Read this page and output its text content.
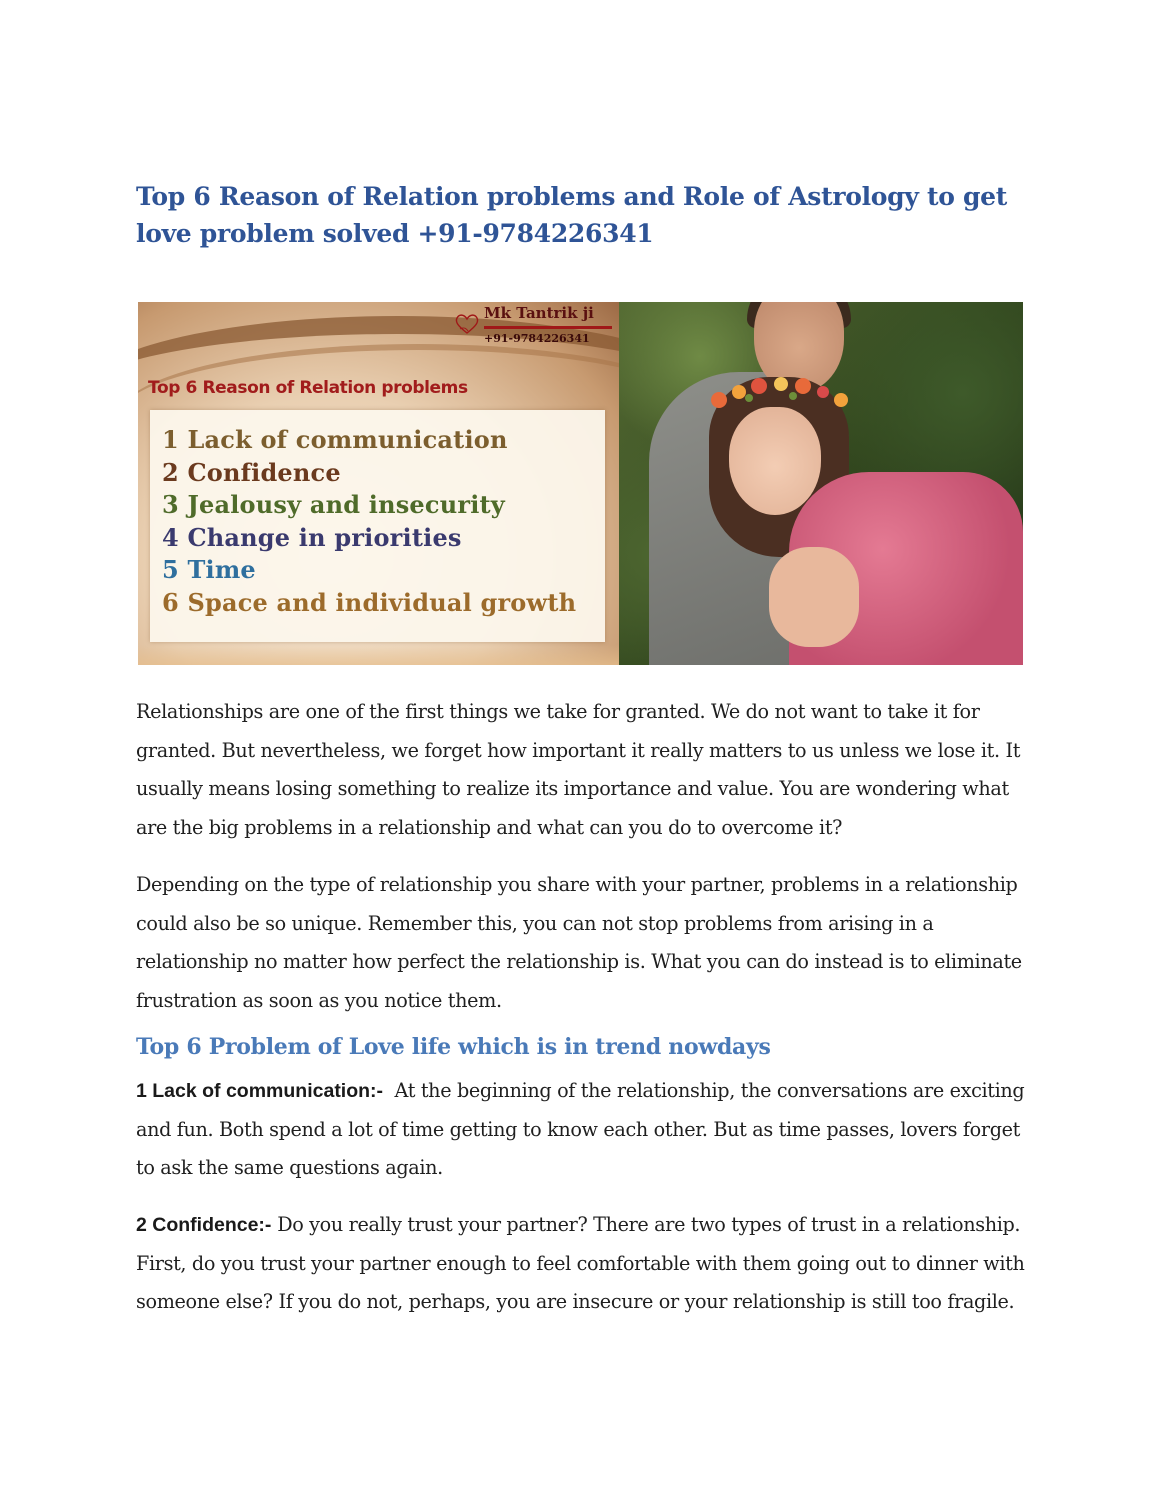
Top 6 Reason of Relation problems and Role of Astrology to get love problem solved +91-9784226341
Mk Tantrik ji
+91-9784226341
Top 6 Reason of Relation problems
1 Lack of communication
2 Confidence
3 Jealousy and insecurity
4 Change in priorities
5 Time
6 Space and individual growth

Relationships are one of the first things we take for granted. We do not want to take it for granted. But nevertheless, we forget how important it really matters to us unless we lose it. It usually means losing something to realize its importance and value. You are wondering what are the big problems in a relationship and what can you do to overcome it?

Depending on the type of relationship you share with your partner, problems in a relationship could also be so unique. Remember this, you can not stop problems from arising in a relationship no matter how perfect the relationship is. What you can do instead is to eliminate frustration as soon as you notice them.

Top 6 Problem of Love life which is in trend nowdays

1 Lack of communication:- At the beginning of the relationship, the conversations are exciting and fun. Both spend a lot of time getting to know each other. But as time passes, lovers forget to ask the same questions again.

2 Confidence:- Do you really trust your partner? There are two types of trust in a relationship. First, do you trust your partner enough to feel comfortable with them going out to dinner with someone else? If you do not, perhaps, you are insecure or your relationship is still too fragile.
